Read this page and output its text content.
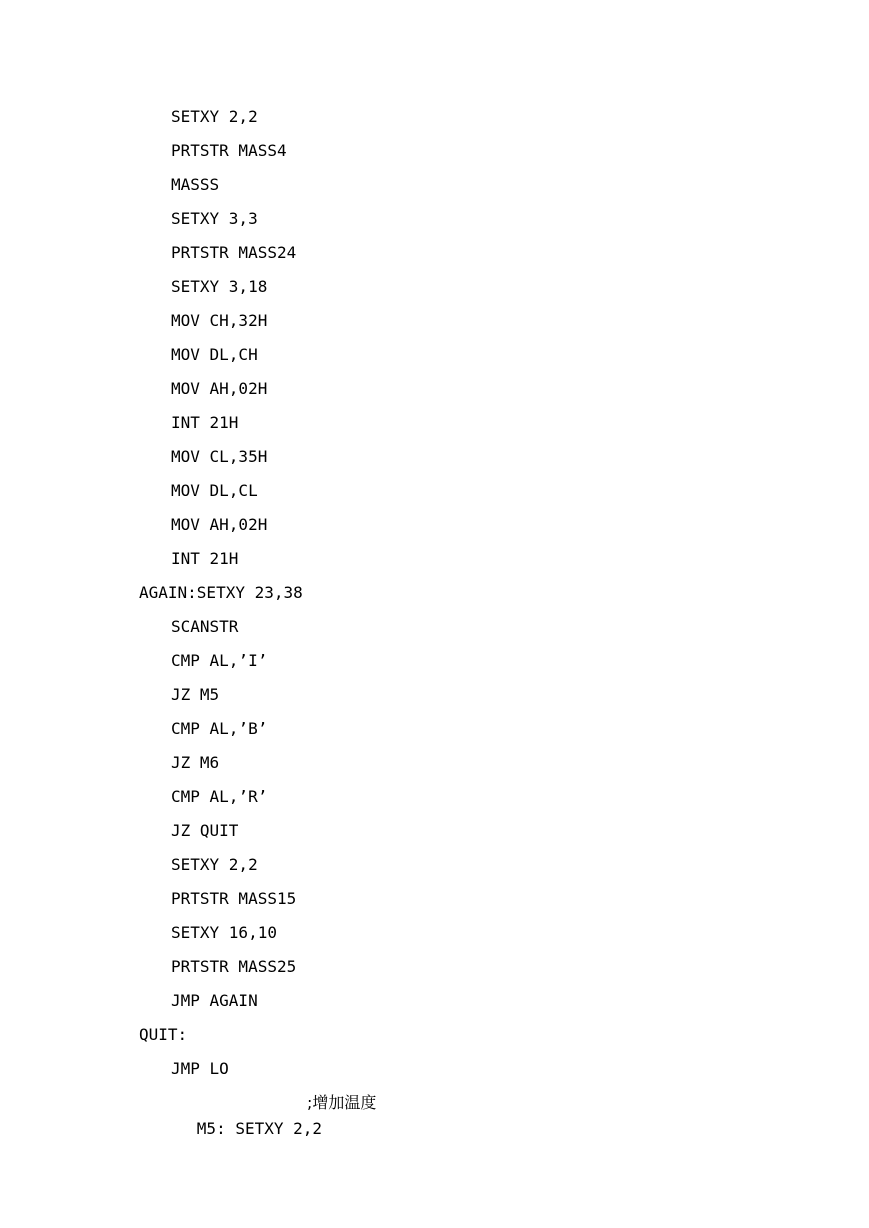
SETXY 2,2
PRTSTR MASS4
MASSS
SETXY 3,3
PRTSTR MASS24
SETXY 3,18
MOV CH,32H
MOV DL,CH
MOV AH,02H
INT 21H
MOV CL,35H
MOV DL,CL
MOV AH,02H
INT 21H
AGAIN:SETXY 23,38
SCANSTR
CMP AL,’I’
JZ M5
CMP AL,’B’
JZ M6
CMP AL,’R’
JZ QUIT
SETXY 2,2
PRTSTR MASS15
SETXY 16,10
PRTSTR MASS25
JMP AGAIN
QUIT:
JMP LO

M5: SETXY 2,2

;增加温度
